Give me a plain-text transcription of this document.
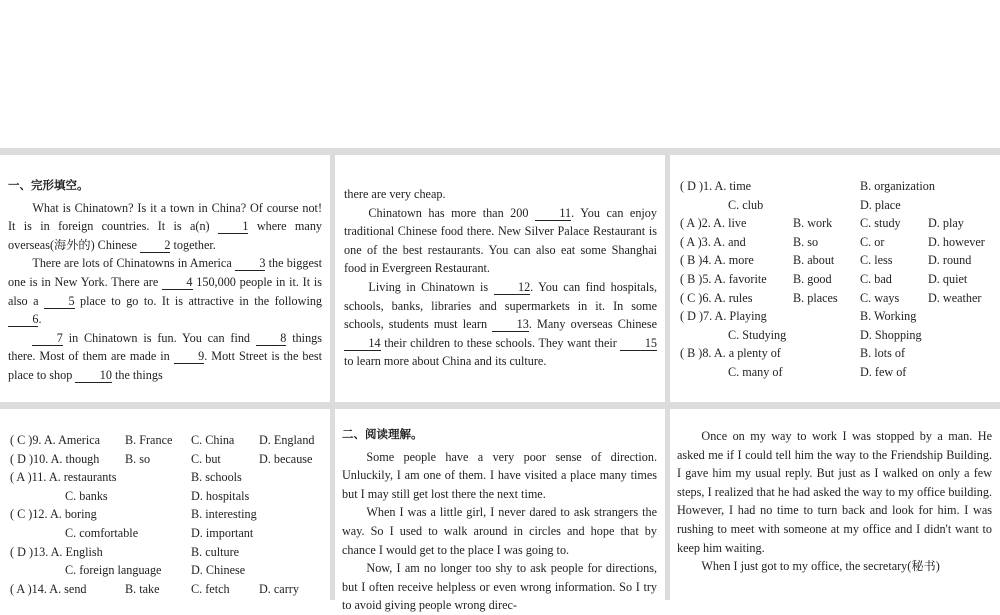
一、完形填空。

What is Chinatown? Is it a town in China? Of course not! It is in foreign countries. It is a(n)	1 where many overseas(海外的) Chinese 2 together.

There are lots of Chinatowns in America 3 the biggest one is in New York. There are 4 150,000 people in it. It is also a 5 place to go to. It is attractive in the following 6.

7 in Chinatown is fun. You can find 8 things there. Most of them are made in 9. Mott Street is the best place to shop 10 the things

there are very cheap.

Chinatown has more than 200	11. You can enjoy traditional Chinese food there. New Silver Palace Restaurant is one of the best restaurants. You can also eat some Shanghai food in Evergreen Restaurant.

Living in Chinatown is 12. You can find hospitals, schools, banks, libraries and supermarkets in it. In some schools, students must learn 13. Many overseas Chinese 14 their children to these schools. They want their 15 to learn more about China and its culture.

( D )1. A. time	B. organization
C. club	D. place
( A )2. A. live	B. work C. study D. play
( A )3. A. and	B. so	C. or	D. however
( B )4. A. more	B. about C. less	D. round
( B )5. A. favorite B. good C. bad	D. quiet
( C )6. A. rules	B. places C. ways D. weather
( D )7. A. Playing	B. Working
C. Studying	D. Shopping
( B )8. A. a plenty of	B. lots of
C. many of	D. few of
( C )9. A. America B. France C. China D. England
( D )10. A. though B. so	C. but	D. because
( A )11. A. restaurants	B. schools
C. banks	D. hospitals
( C )12. A. boring	B. interesting
C. comfortable	D. important
( D )13. A. English	B. culture
C. foreign language D. Chinese
( A )14. A. send	B. take	C. fetch D. carry
二、阅读理解。

Some people have a very poor sense of direction. Unluckily, I am one of them. I have visited a place many times but I may still get lost there the next time.

When I was a little girl, I never dared to ask strangers the way. So I used to walk around in circles and hope that by chance I would get to the place I was going to.

Now, I am no longer too shy to ask people for directions, but I often receive helpless or even wrong information. So I try to avoid giving people wrong direc-

Once on my way to work I was stopped by a man. He asked me if I could tell him the way to the Friendship Building. I gave him my usual reply. But just as I walked on only a few steps, I realized that he had asked the way to my office building. However, I had no time to turn back and look for him. I was rushing to meet with someone at my office and I didn't want to keep him waiting.

When I just got to my office, the secretary(秘书)
